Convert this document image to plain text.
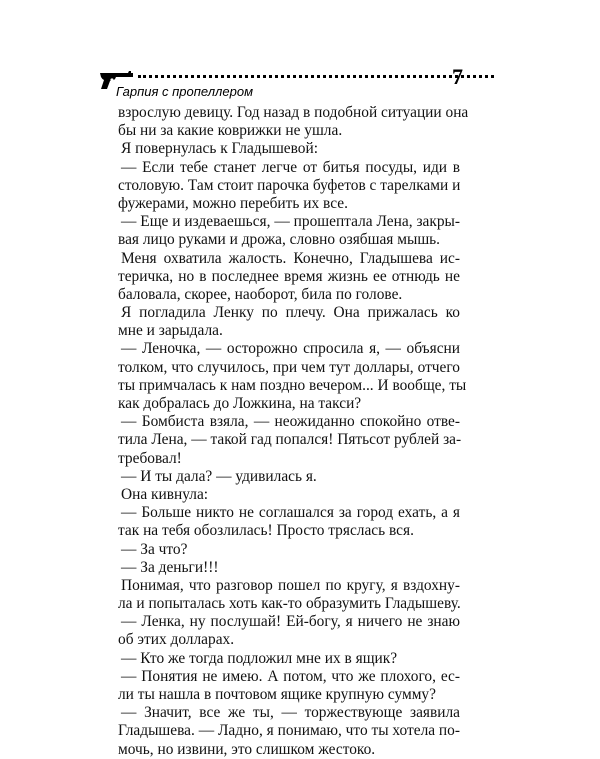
Гарпия с пропеллером
7
взрослую девицу. Год назад в подобной ситуации она
бы ни за какие коврижки не ушла.
Я повернулась к Гладышевой:
— Если тебе станет легче от битья посуды, иди в
столовую. Там стоит парочка буфетов с тарелками и
фужерами, можно перебить их все.
— Еще и издеваешься, — прошептала Лена, закры-
вая лицо руками и дрожа, словно озябшая мышь.
Меня охватила жалость. Конечно, Гладышева ис-
теричка, но в последнее время жизнь ее отнюдь не
баловала, скорее, наоборот, била по голове.
Я погладила Ленку по плечу. Она прижалась ко
мне и зарыдала.
— Леночка, — осторожно спросила я, — объясни
толком, что случилось, при чем тут доллары, отчего
ты примчалась к нам поздно вечером... И вообще, ты
как добралась до Ложкина, на такси?
— Бомбиста взяла, — неожиданно спокойно отве-
тила Лена, — такой гад попался! Пятьсот рублей за-
требовал!
— И ты дала? — удивилась я.
Она кивнула:
— Больше никто не соглашался за город ехать, а я
так на тебя обозлилась! Просто тряслась вся.
— За что?
— За деньги!!!
Понимая, что разговор пошел по кругу, я вздохну-
ла и попыталась хоть как-то образумить Гладышеву.
— Ленка, ну послушай! Ей-богу, я ничего не знаю
об этих долларах.
— Кто же тогда подложил мне их в ящик?
— Понятия не имею. А потом, что же плохого, ес-
ли ты нашла в почтовом ящике крупную сумму?
— Значит, все же ты, — торжествующе заявила
Гладышева. — Ладно, я понимаю, что ты хотела по-
мочь, но извини, это слишком жестоко.
